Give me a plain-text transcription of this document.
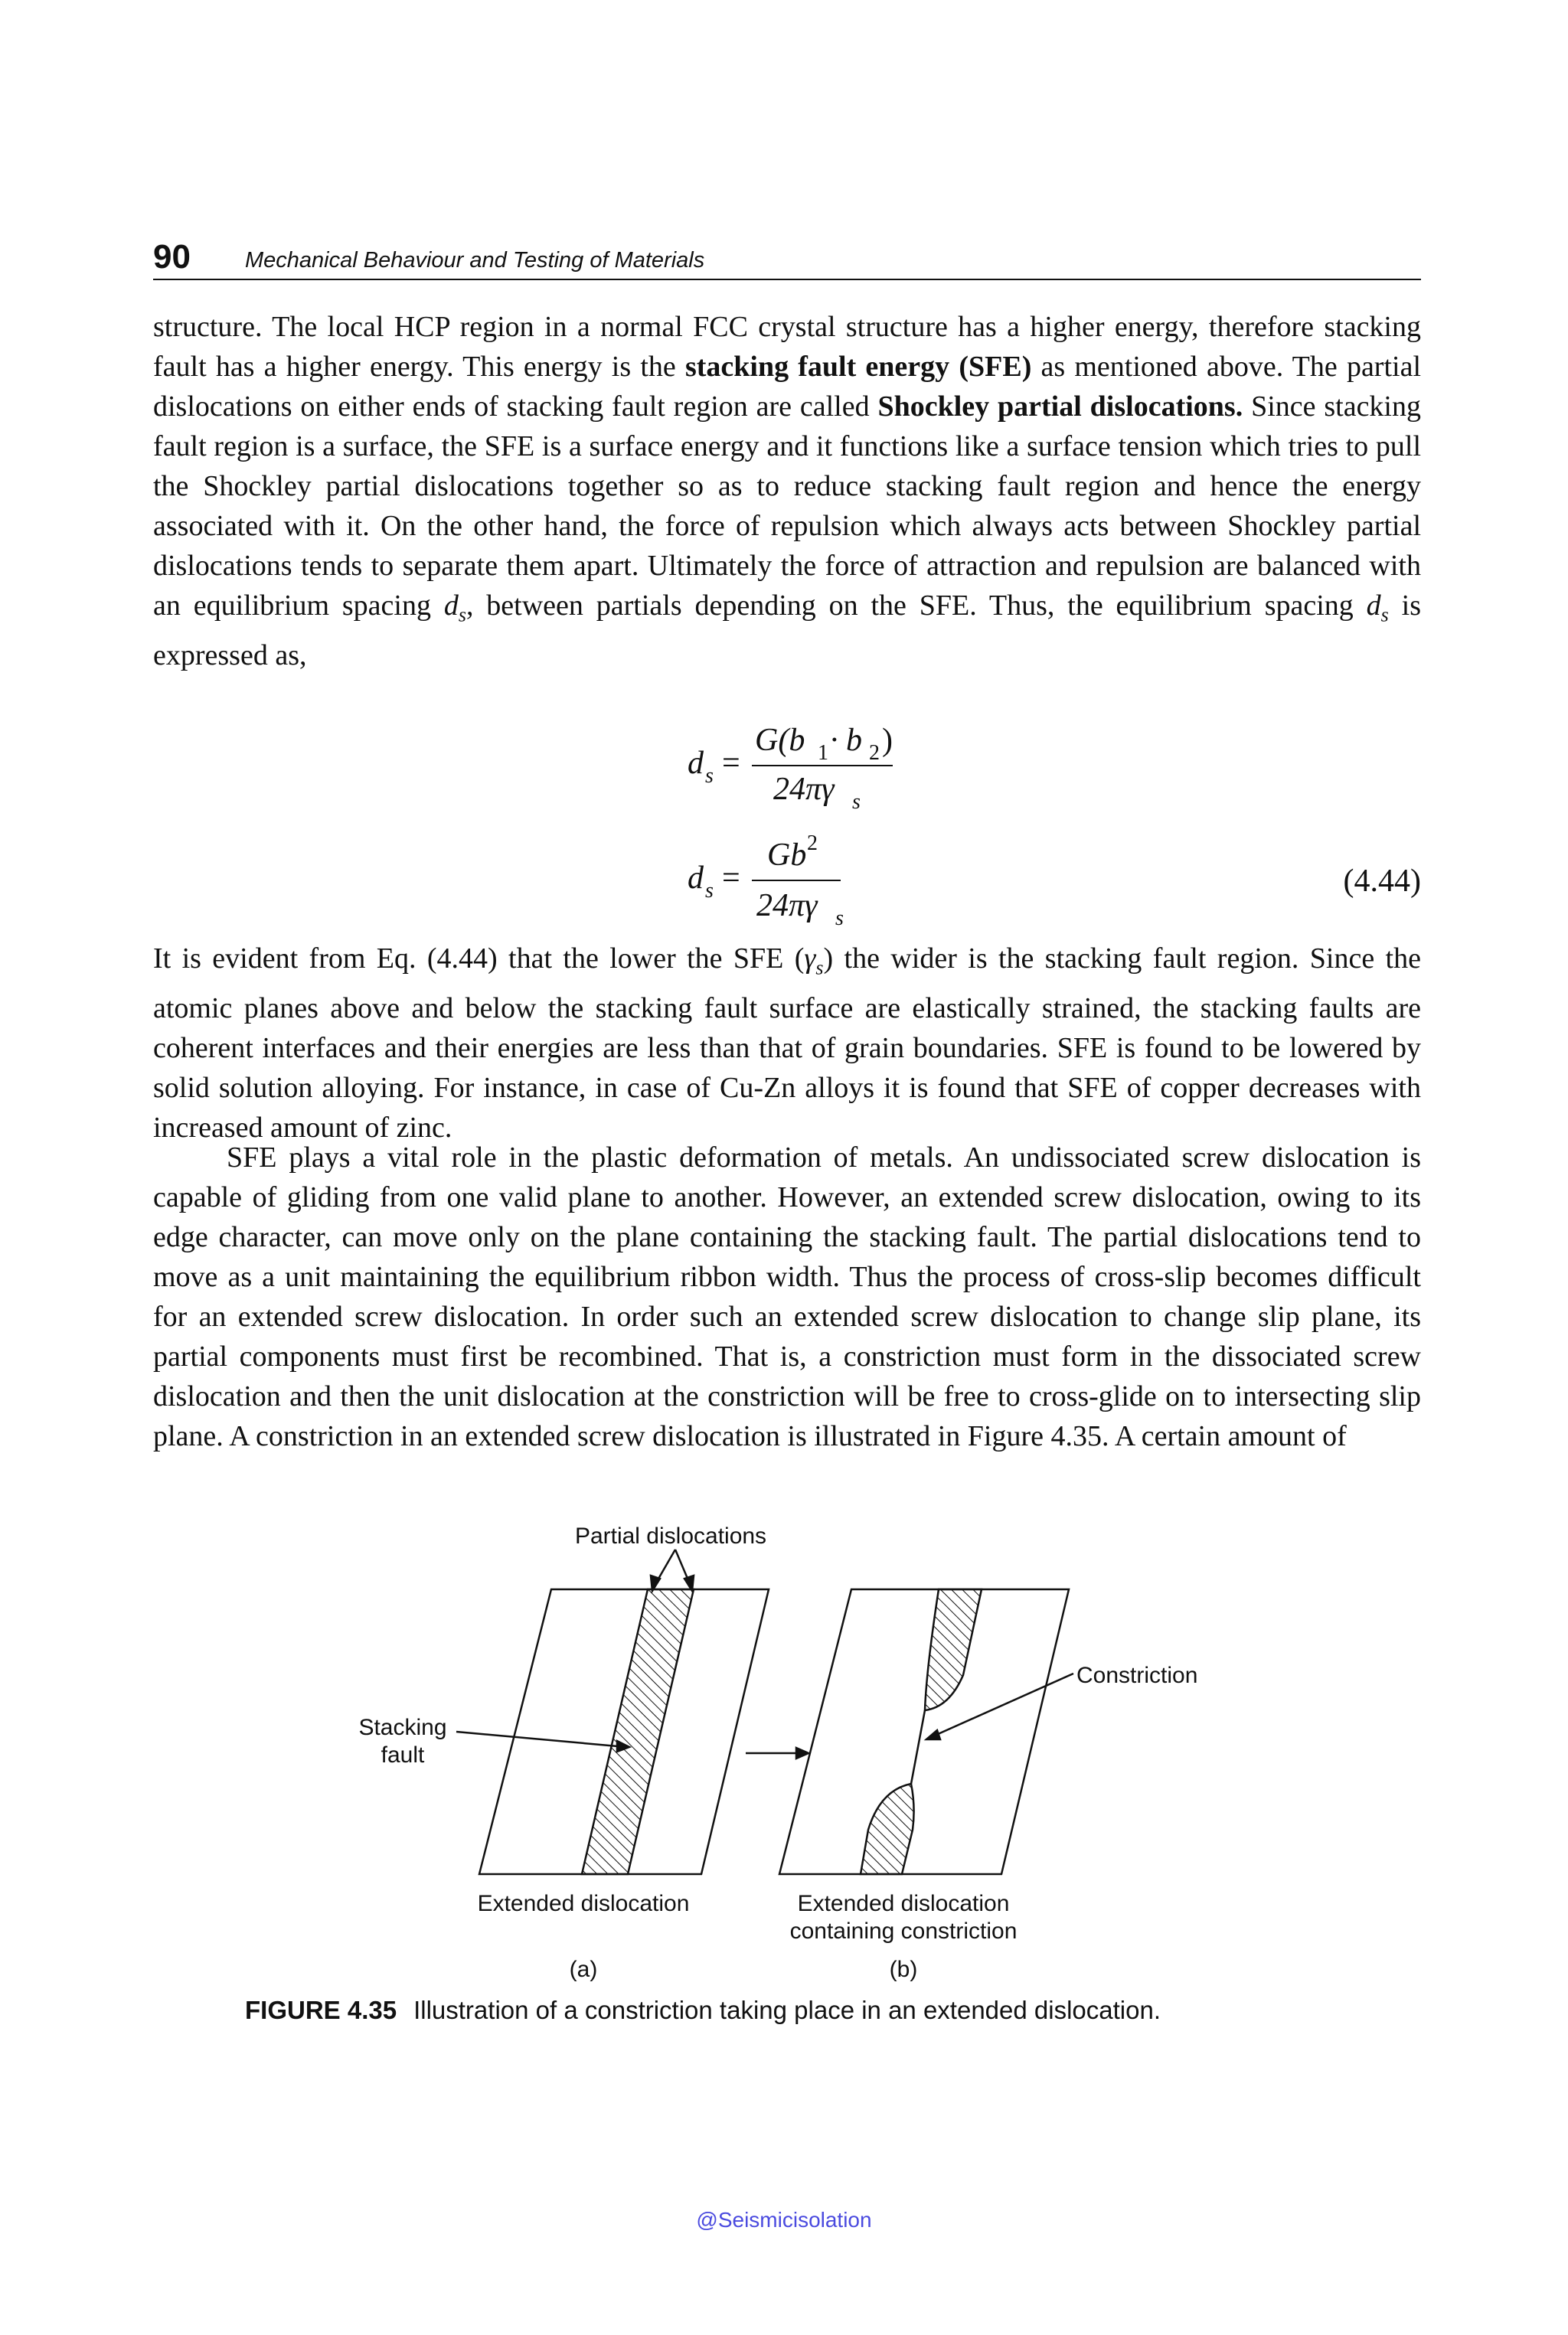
90 Mechanical Behaviour and Testing of Materials

structure. The local HCP region in a normal FCC crystal structure has a higher energy, therefore stacking fault has a higher energy. This energy is the stacking fault energy (SFE) as mentioned above. The partial dislocations on either ends of stacking fault region are called Shockley partial dislocations. Since stacking fault region is a surface, the SFE is a surface energy and it functions like a surface tension which tries to pull the Shockley partial dislocations together so as to reduce stacking fault region and hence the energy associated with it. On the other hand, the force of repulsion which always acts between Shockley partial dislocations tends to separate them apart. Ultimately the force of attraction and repulsion are balanced with an equilibrium spacing $d_s$, between partials depending on the SFE. Thus, the equilibrium spacing $d_s$ is expressed as,

d s =
G(b 1 · b 2 )
24πγ s
d s =
Gb 2
24πγ s
(4.44)

It is evident from Eq. (4.44) that the lower the SFE $(\gamma_s)$ the wider is the stacking fault region. Since the atomic planes above and below the stacking fault surface are elastically strained, the stacking faults are coherent interfaces and their energies are less than that of grain boundaries. SFE is found to be lowered by solid solution alloying. For instance, in case of Cu-Zn alloys it is found that SFE of copper decreases with increased amount of zinc.

SFE plays a vital role in the plastic deformation of metals. An undissociated screw dislocation is capable of gliding from one valid plane to another. However, an extended screw dislocation, owing to its edge character, can move only on the plane containing the stacking fault. The partial dislocations tend to move as a unit maintaining the equilibrium ribbon width. Thus the process of cross-slip becomes difficult for an extended screw dislocation. In order such an extended screw dislocation to change slip plane, its partial components must first be recombined. That is, a constriction must form in the dissociated screw dislocation and then the unit dislocation at the constriction will be free to cross-glide on to intersecting slip plane. A constriction in an extended screw dislocation is illustrated in Figure 4.35. A certain amount of

Partial dislocations
Constriction
Stacking
fault
Extended dislocation	Extended dislocation
containing constriction
(a)	(b)
FIGURE 4.35 Illustration of a constriction taking place in an extended dislocation.
@Seismicisolation
